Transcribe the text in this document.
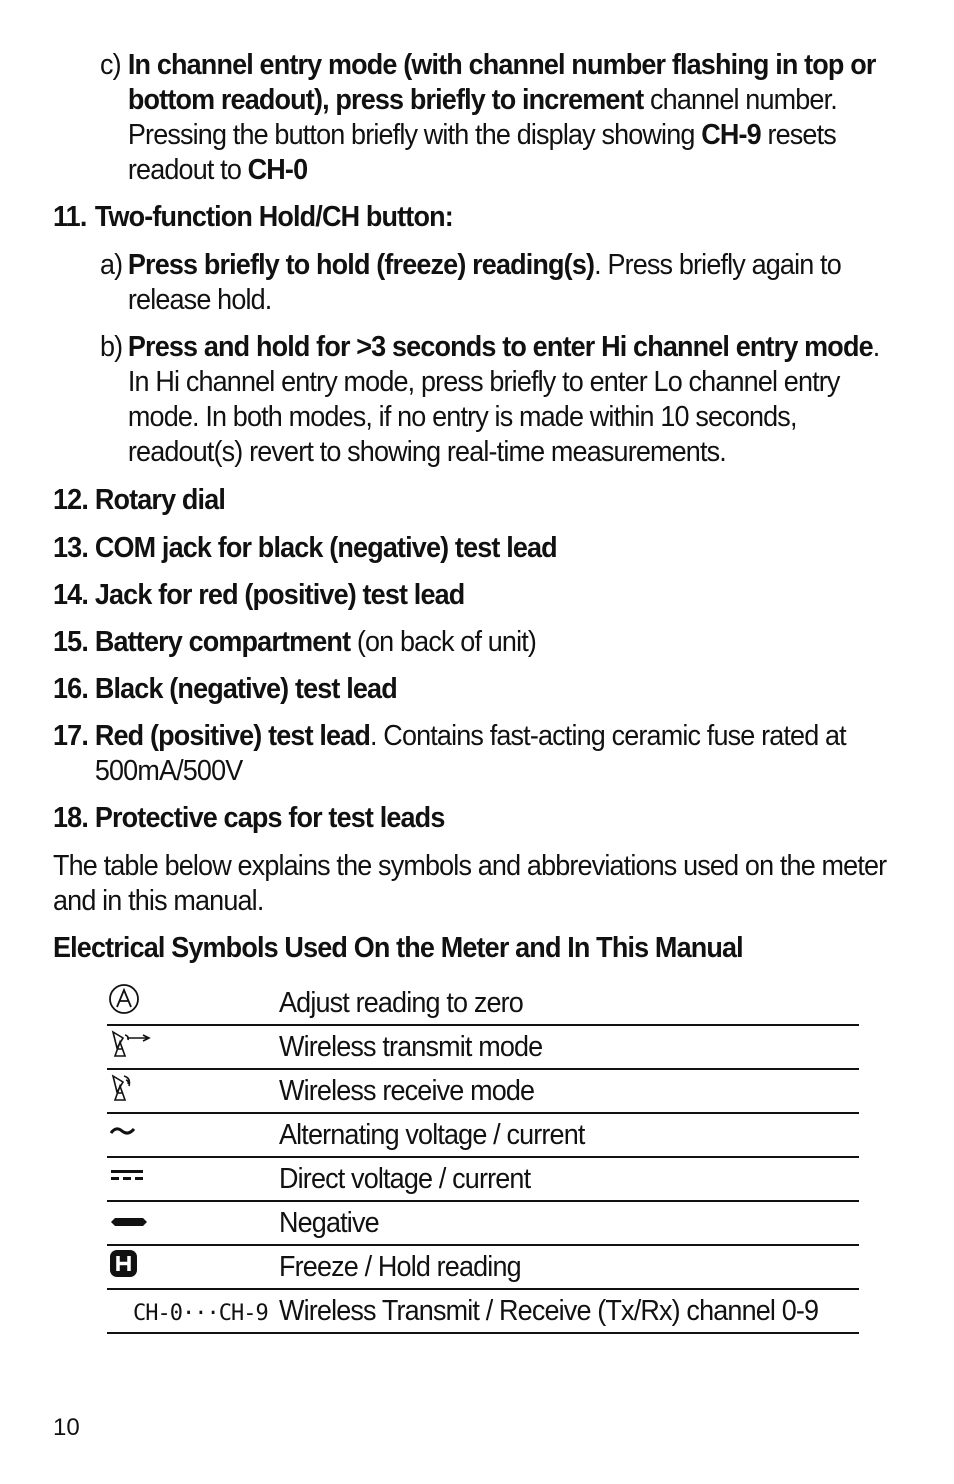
c) In channel entry mode (with channel number flashing in top or bottom readout), press briefly to increment channel number. Pressing the button briefly with the display showing CH-9 resets readout to CH-0
11. Two-function Hold/CH button:
a) Press briefly to hold (freeze) reading(s). Press briefly again to release hold.
b) Press and hold for >3 seconds to enter Hi channel entry mode. In Hi channel entry mode, press briefly to enter Lo channel entry mode. In both modes, if no entry is made within 10 seconds, readout(s) revert to showing real-time measurements.
12. Rotary dial
13. COM jack for black (negative) test lead
14. Jack for red (positive) test lead
15. Battery compartment (on back of unit)
16. Black (negative) test lead
17. Red (positive) test lead. Contains fast-acting ceramic fuse rated at 500mA/500V
18. Protective caps for test leads
The table below explains the symbols and abbreviations used on the meter and in this manual.
Electrical Symbols Used On the Meter and In This Manual
	Adjust reading to zero
	Wireless transmit mode
	Wireless receive mode
	Alternating voltage / current
	Direct voltage / current
	Negative
	Freeze / Hold reading
CH-0···CH-9	Wireless Transmit / Receive (Tx/Rx) channel 0-9
10
